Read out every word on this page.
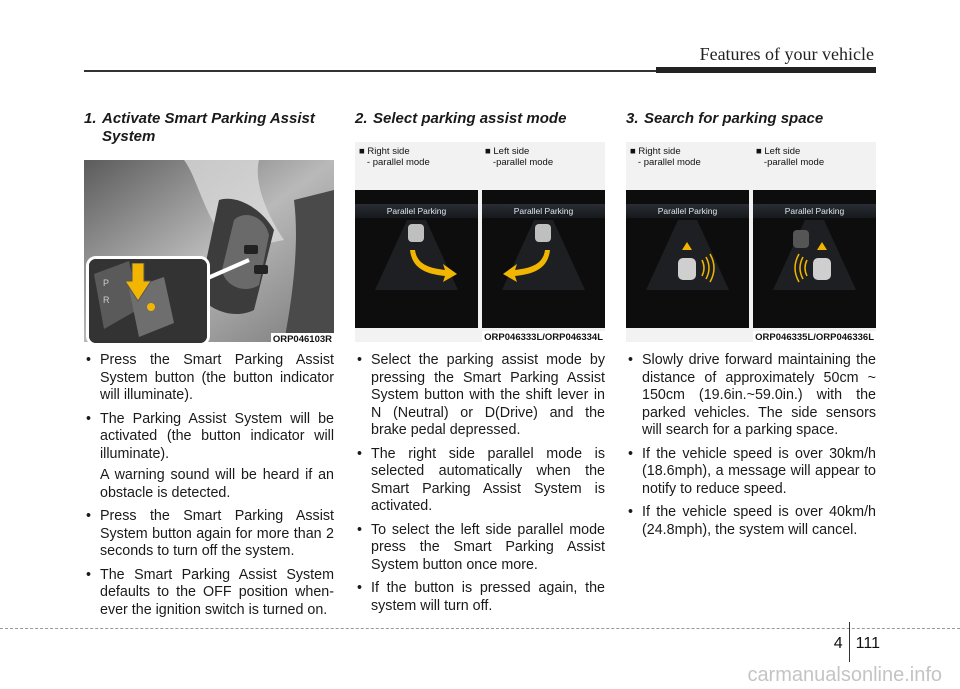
Features of your vehicle
1. Activate Smart Parking Assist
System
P
R
ORP046103R
• Press the Smart Parking Assist System button (the button indicator will illuminate).
• The Parking Assist System will be activated (the button indicator will illuminate).

A warning sound will be heard if an obstacle is detected.

• Press the Smart Parking Assist System button again for more than 2 seconds to turn off the system.
• The Smart Parking Assist System defaults to the OFF position when-ever the ignition switch is turned on.
2. Select parking assist mode
■ Right side
- parallel mode
■ Left side
-parallel mode
Parallel Parking	Parallel Parking
ORP046333L/ORP046334L
• Select the parking assist mode by pressing the Smart Parking Assist System button with the shift lever in N (Neutral) or D(Drive) and the brake pedal depressed.
• The right side parallel mode is selected automatically when the Smart Parking Assist System is activated.
• To select the left side parallel mode press the Smart Parking Assist System button once more.
• If the button is pressed again, the system will turn off.
3. Search for parking space
■ Right side
- parallel mode
■ Left side
-parallel mode
Parallel Parking	Parallel Parking
ORP046335L/ORP046336L
• Slowly drive forward maintaining the distance of approximately 50cm ~ 150cm (19.6in.~59.0in.) with the parked vehicles. The side sensors will search for a parking space.
• If the vehicle speed is over 30km/h (18.6mph), a message will appear to notify to reduce speed.
• If the vehicle speed is over 40km/h (24.8mph), the system will cancel.
4 111
carmanualsonline.info
